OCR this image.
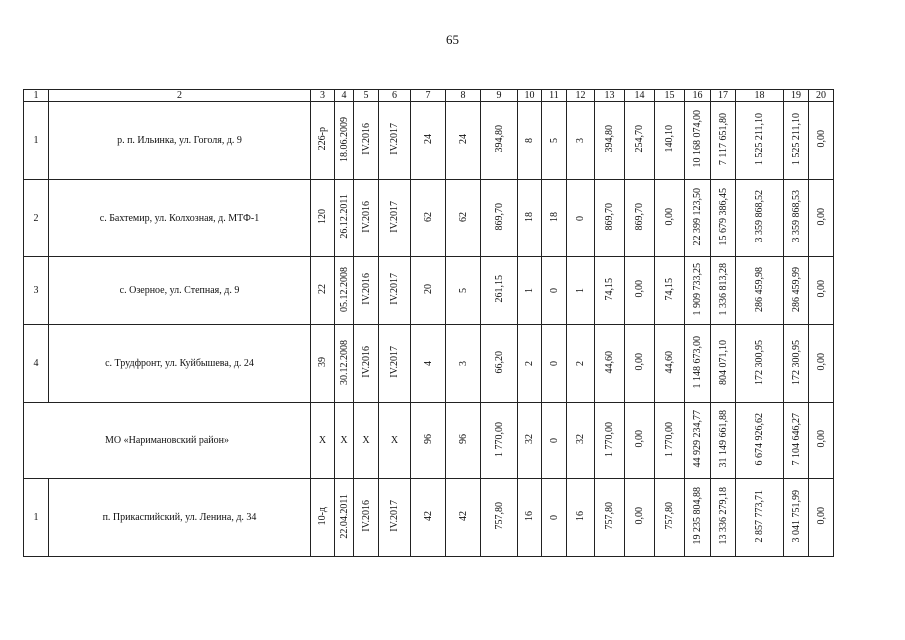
65
1	2	3	4	5	6	7	8	9	10	11	12	13	14	15	16	17	18	19	20
1	р. п. Ильинка, ул. Гоголя, д. 9	226-р	18.06.2009	IV.2016	IV.2017	24	24	394,80	8	5	3	394,80	254,70	140,10	10 168 074,00	7 117 651,80	1 525 211,10	1 525 211,10	0,00
2	с. Бахтемир, ул. Колхозная, д. МТФ-1	120	26.12.2011	IV.2016	IV.2017	62	62	869,70	18	18	0	869,70	869,70	0,00	22 399 123,50	15 679 386,45	3 359 868,52	3 359 868,53	0,00
3	с. Озерное, ул. Степная, д. 9	22	05.12.2008	IV.2016	IV.2017	20	5	261,15	1	0	1	74,15	0,00	74,15	1 909 733,25	1 336 813,28	286 459,98	286 459,99	0,00
4	с. Трудфронт, ул. Куйбышева, д. 24	39	30.12.2008	IV.2016	IV.2017	4	3	66,20	2	0	2	44,60	0,00	44,60	1 148 673,00	804 071,10	172 300,95	172 300,95	0,00
МО «Наримановский район»		X	X	X	X	96	96	1 770,00	32	0	32	1 770,00	0,00	1 770,00	44 929 234,77	31 149 661,88	6 674 926,62	7 104 646,27	0,00
1	п. Прикаспийский, ул. Ленина, д. 34	10-д	22.04.2011	IV.2016	IV.2017	42	42	757,80	16	0	16	757,80	0,00	757,80	19 235 804,88	13 336 279,18	2 857 773,71	3 041 751,99	0,00
